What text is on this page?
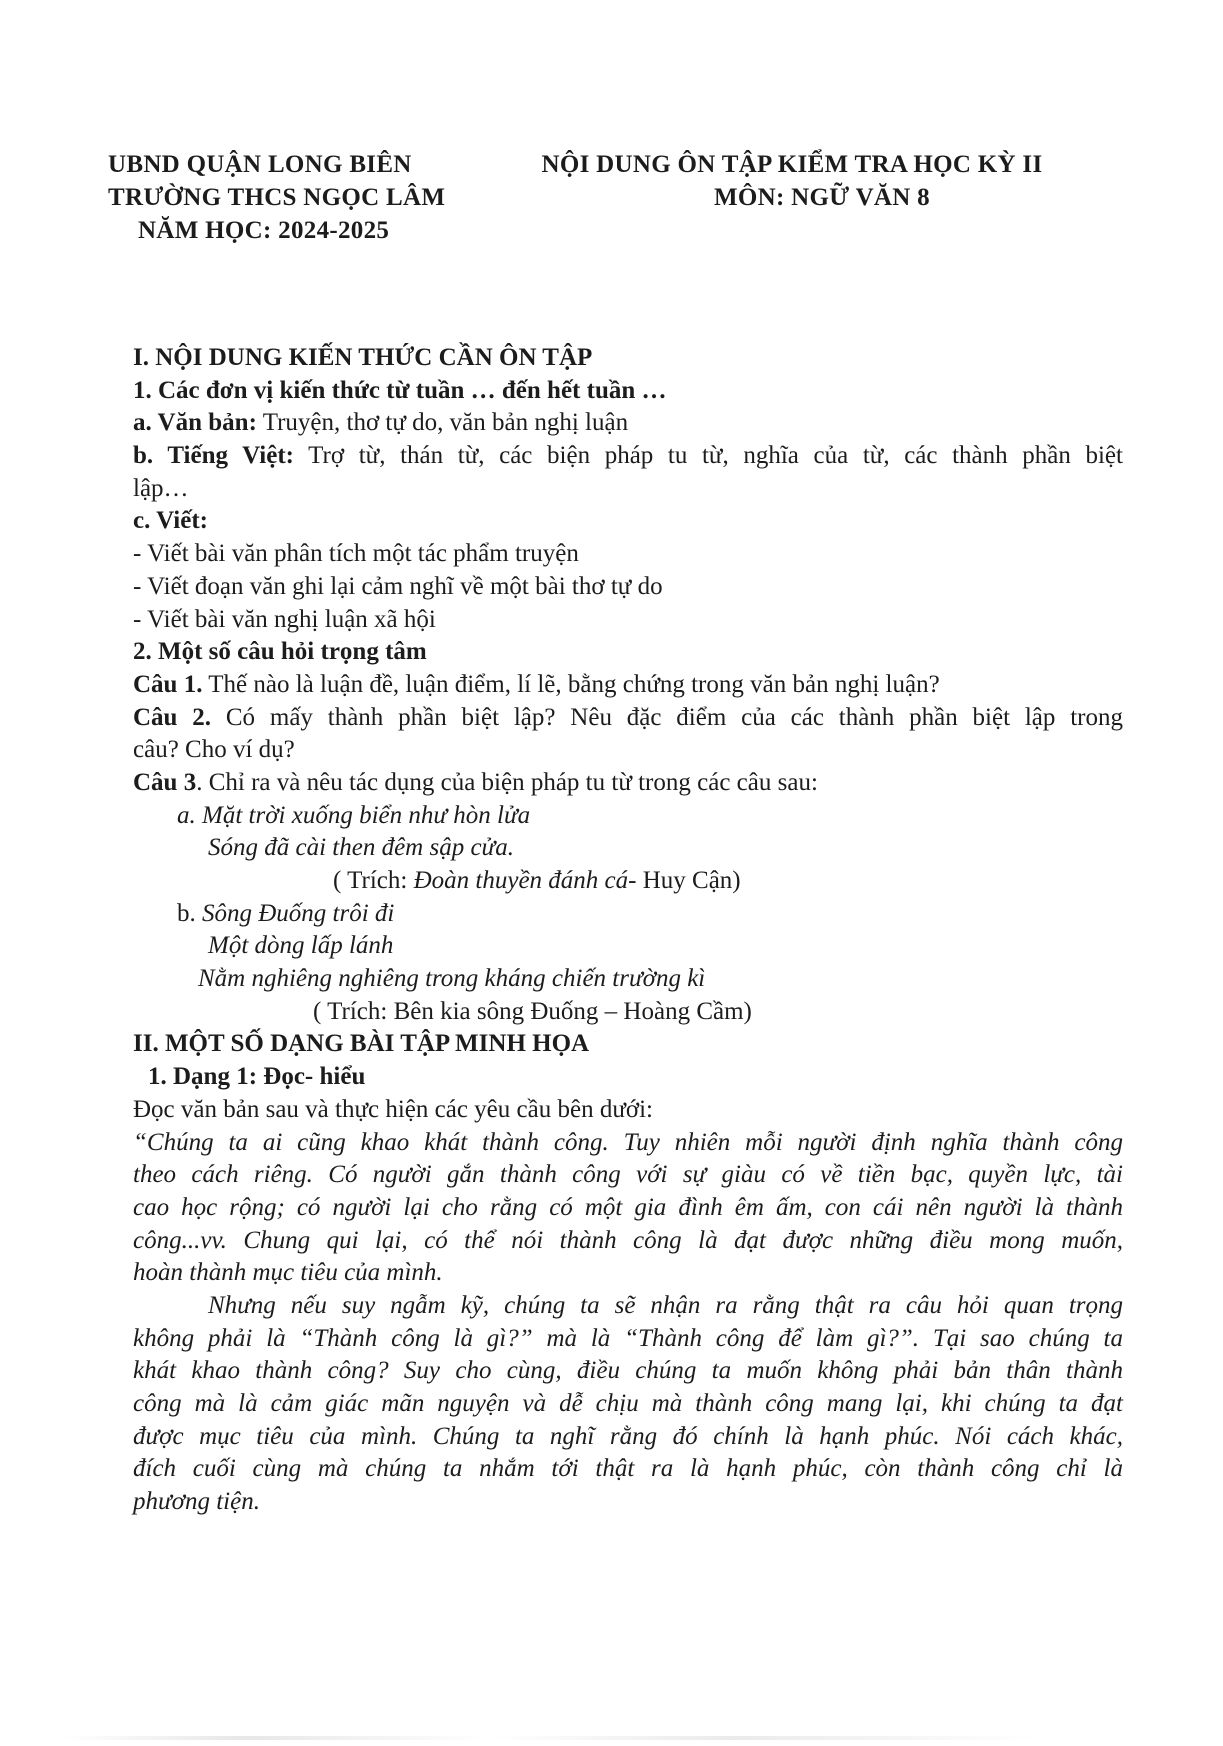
UBND QUẬN LONG BIÊN
TRƯỜNG THCS NGỌC LÂM
NĂM HỌC: 2024-2025
NỘI DUNG ÔN TẬP KIỂM TRA HỌC KỲ II
MÔN: NGỮ VĂN 8
I. NỘI DUNG KIẾN THỨC CẦN ÔN TẬP
1. Các đơn vị kiến thức từ tuần … đến hết tuần …
a. Văn bản: Truyện, thơ tự do, văn bản nghị luận
b. Tiếng Việt: Trợ từ, thán từ, các biện pháp tu từ, nghĩa của từ, các thành phần biệt
lập…
c. Viết:
- Viết bài văn phân tích một tác phẩm truyện
- Viết đoạn văn ghi lại cảm nghĩ về một bài thơ tự do
- Viết bài văn nghị luận xã hội
2. Một số câu hỏi trọng tâm
Câu 1. Thế nào là luận đề, luận điểm, lí lẽ, bằng chứng trong văn bản nghị luận?
Câu 2. Có mấy thành phần biệt lập? Nêu đặc điểm của các thành phần biệt lập trong
câu? Cho ví dụ?
Câu 3. Chỉ ra và nêu tác dụng của biện pháp tu từ trong các câu sau:
a. Mặt trời xuống biển như hòn lửa
Sóng đã cài then đêm sập cửa.
( Trích: Đoàn thuyền đánh cá- Huy Cận)
b. Sông Đuống trôi đi
Một dòng lấp lánh
Nằm nghiêng nghiêng trong kháng chiến trường kì
( Trích: Bên kia sông Đuống – Hoàng Cầm)
II. MỘT SỐ DẠNG BÀI TẬP MINH HỌA
1. Dạng 1: Đọc- hiểu
Đọc văn bản sau và thực hiện các yêu cầu bên dưới:
“Chúng ta ai cũng khao khát thành công. Tuy nhiên mỗi người định nghĩa thành công
theo cách riêng. Có người gắn thành công với sự giàu có về tiền bạc, quyền lực, tài
cao học rộng; có người lại cho rằng có một gia đình êm ấm, con cái nên người là thành
công...vv. Chung qui lại, có thể nói thành công là đạt được những điều mong muốn,
hoàn thành mục tiêu của mình.
Nhưng nếu suy ngẫm kỹ, chúng ta sẽ nhận ra rằng thật ra câu hỏi quan trọng
không phải là “Thành công là gì?” mà là “Thành công để làm gì?”. Tại sao chúng ta
khát khao thành công? Suy cho cùng, điều chúng ta muốn không phải bản thân thành
công mà là cảm giác mãn nguyện và dễ chịu mà thành công mang lại, khi chúng ta đạt
được mục tiêu của mình. Chúng ta nghĩ rằng đó chính là hạnh phúc. Nói cách khác,
đích cuối cùng mà chúng ta nhắm tới thật ra là hạnh phúc, còn thành công chỉ là
phương tiện.
